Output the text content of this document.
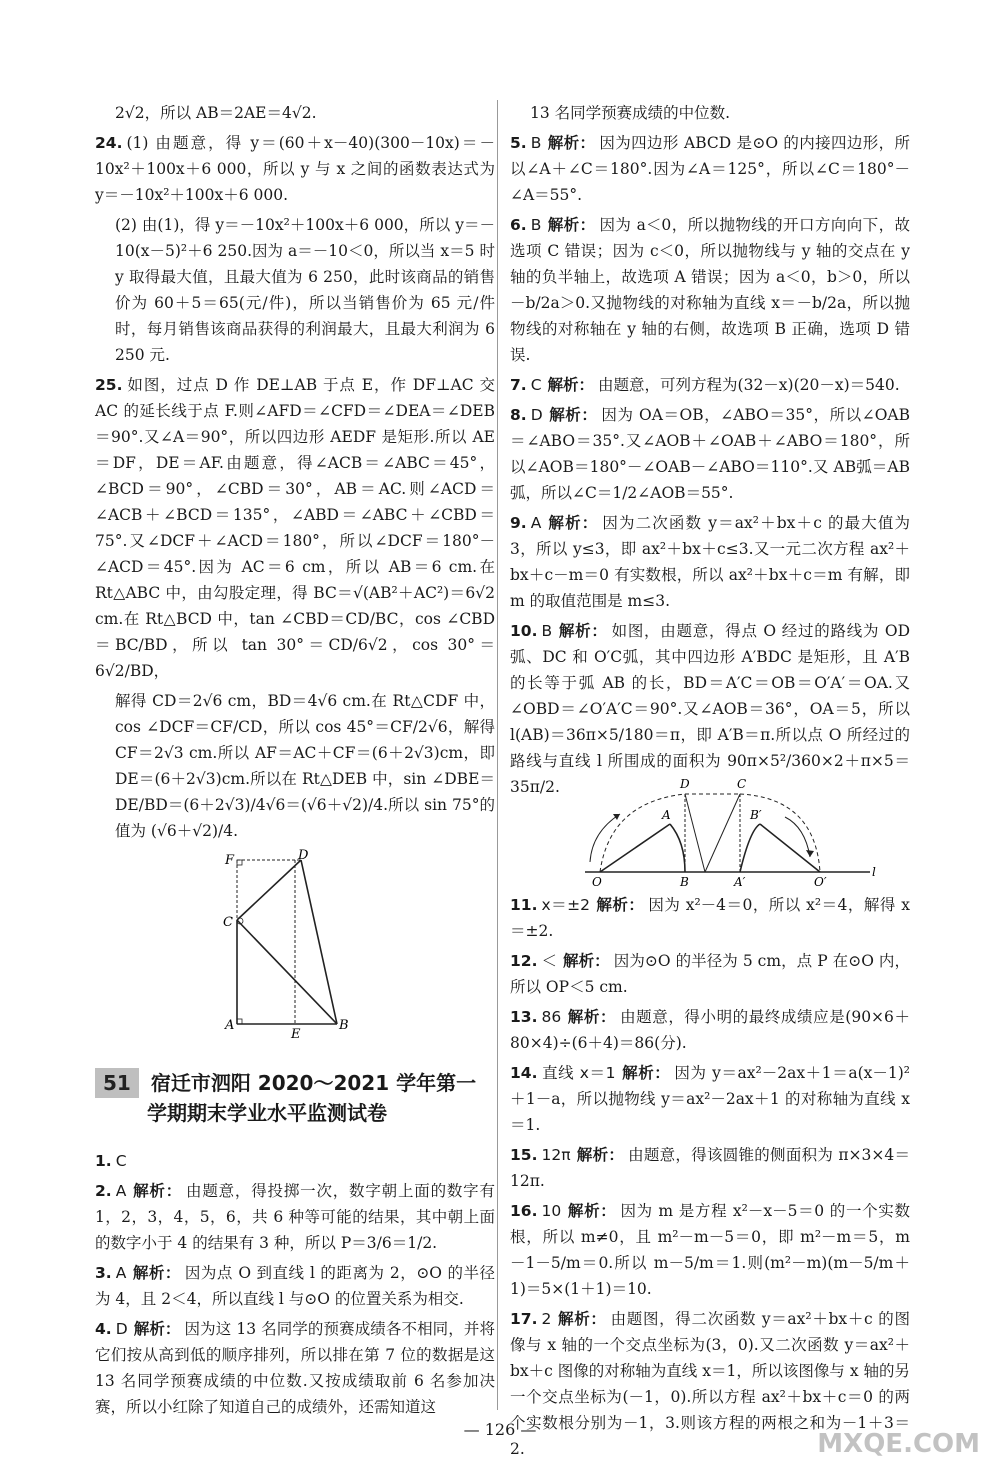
2√2，所以 AB＝2AE＝4√2.

24. (1) 由题意，得 y＝(60＋x－40)(300－10x)＝－10x²＋100x＋6 000，所以 y 与 x 之间的函数表达式为 y＝－10x²＋100x＋6 000.

(2) 由(1)，得 y＝－10x²＋100x＋6 000，所以 y＝－10(x－5)²＋6 250.因为 a＝－10＜0，所以当 x＝5 时 y 取得最大值，且最大值为 6 250，此时该商品的销售价为 60＋5＝65(元/件)，所以当销售价为 65 元/件时，每月销售该商品获得的利润最大，且最大利润为 6 250 元.

25. 如图，过点 D 作 DE⊥AB 于点 E，作 DF⊥AC 交 AC 的延长线于点 F.则∠AFD＝∠CFD＝∠DEA＝∠DEB＝90°.又∠A＝90°，所以四边形 AEDF 是矩形.所以 AE＝DF，DE＝AF.由题意，得∠ACB＝∠ABC＝45°，∠BCD＝90°，∠CBD＝30°，AB＝AC.则∠ACD＝∠ACB＋∠BCD＝135°，∠ABD＝∠ABC＋∠CBD＝75°.又∠DCF＋∠ACD＝180°，所以∠DCF＝180°－∠ACD＝45°.因为 AC＝6 cm，所以 AB＝6 cm.在 Rt△ABC 中，由勾股定理，得 BC＝√(AB²＋AC²)＝6√2 cm.在 Rt△BCD 中，tan ∠CBD＝CD/BC，cos ∠CBD＝BC/BD，所以 tan 30°＝CD/6√2，cos 30°＝6√2/BD，

解得 CD＝2√6 cm，BD＝4√6 cm.在 Rt△CDF 中，cos ∠DCF＝CF/CD，所以 cos 45°＝CF/2√6，解得 CF＝2√3 cm.所以 AF＝AC＋CF＝(6＋2√3)cm，即 DE＝(6＋2√3)cm.所以在 Rt△DEB 中，sin ∠DBE＝DE/BD＝(6＋2√3)/4√6＝(√6＋√2)/4.所以 sin 75°的值为 (√6＋√2)/4.

F	D
C
A
E
B
51 宿迁市泗阳 2020～2021 学年第一
学期期末学业水平监测试卷

1. C

2. A 解析： 由题意，得投掷一次，数字朝上面的数字有 1，2，3，4，5，6，共 6 种等可能的结果，其中朝上面的数字小于 4 的结果有 3 种，所以 P＝3/6＝1/2.

3. A 解析： 因为点 O 到直线 l 的距离为 2，⊙O 的半径为 4，且 2＜4，所以直线 l 与⊙O 的位置关系为相交.

4. D 解析： 因为这 13 名同学的预赛成绩各不相同，并将它们按从高到低的顺序排列，所以排在第 7 位的数据是这 13 名同学预赛成绩的中位数.又按成绩取前 6 名参加决赛，所以小红除了知道自己的成绩外，还需知道这

13 名同学预赛成绩的中位数.

5. B 解析： 因为四边形 ABCD 是⊙O 的内接四边形，所以∠A＋∠C＝180°.因为∠A＝125°，所以∠C＝180°－∠A＝55°.

6. B 解析： 因为 a＜0，所以抛物线的开口方向向下，故选项 C 错误；因为 c＜0，所以抛物线与 y 轴的交点在 y 轴的负半轴上，故选项 A 错误；因为 a＜0，b＞0，所以－b/2a＞0.又抛物线的对称轴为直线 x＝－b/2a，所以抛物线的对称轴在 y 轴的右侧，故选项 B 正确，选项 D 错误.

7. C 解析： 由题意，可列方程为(32－x)(20－x)＝540.

8. D 解析： 因为 OA＝OB，∠ABO＝35°，所以∠OAB＝∠ABO＝35°.又∠AOB＋∠OAB＋∠ABO＝180°，所以∠AOB＝180°－∠OAB－∠ABO＝110°.又 AB弧＝AB弧，所以∠C＝1/2∠AOB＝55°.

9. A 解析： 因为二次函数 y＝ax²＋bx＋c 的最大值为 3，所以 y≤3，即 ax²＋bx＋c≤3.又一元二次方程 ax²＋bx＋c－m＝0 有实数根，所以 ax²＋bx＋c＝m 有解，即 m 的取值范围是 m≤3.

10. B 解析： 如图，由题意，得点 O 经过的路线为 OD弧、DC 和 O′C弧，其中四边形 A′BDC 是矩形，且 A′B 的长等于弧 AB 的长，BD＝A′C＝OB＝O′A′＝OA.又∠OBD＝∠O′A′C＝90°.又∠AOB＝36°，OA＝5，所以 l(AB)＝36π×5/180＝π，即 A′B＝π.所以点 O 所经过的路线与直线 l 所围成的面积为 90π×5²/360×2＋π×5＝35π/2.	D	C
A	B′
O	B	A′	O′
l

11. x＝±2 解析： 因为 x²－4＝0，所以 x²＝4，解得 x＝±2.

12. ＜ 解析： 因为⊙O 的半径为 5 cm，点 P 在⊙O 内，所以 OP＜5 cm.

13. 86 解析： 由题意，得小明的最终成绩应是(90×6＋80×4)÷(6＋4)＝86(分).

14. 直线 x＝1 解析： 因为 y＝ax²－2ax＋1＝a(x－1)²＋1－a，所以抛物线 y＝ax²－2ax＋1 的对称轴为直线 x＝1.

15. 12π 解析： 由题意，得该圆锥的侧面积为 π×3×4＝12π.

16. 10 解析： 因为 m 是方程 x²－x－5＝0 的一个实数根，所以 m≠0，且 m²－m－5＝0，即 m²－m＝5，m－1－5/m＝0.所以 m－5/m＝1.则(m²－m)(m－5/m＋1)＝5×(1＋1)＝10.

17. 2 解析： 由题图，得二次函数 y＝ax²＋bx＋c 的图像与 x 轴的一个交点坐标为(3，0).又二次函数 y＝ax²＋bx＋c 图像的对称轴为直线 x＝1，所以该图像与 x 轴的另一个交点坐标为(－1，0).所以方程 ax²＋bx＋c＝0 的两个实数根分别为－1，3.则该方程的两根之和为－1＋3＝2.

— 126 —	MXQE.COM
